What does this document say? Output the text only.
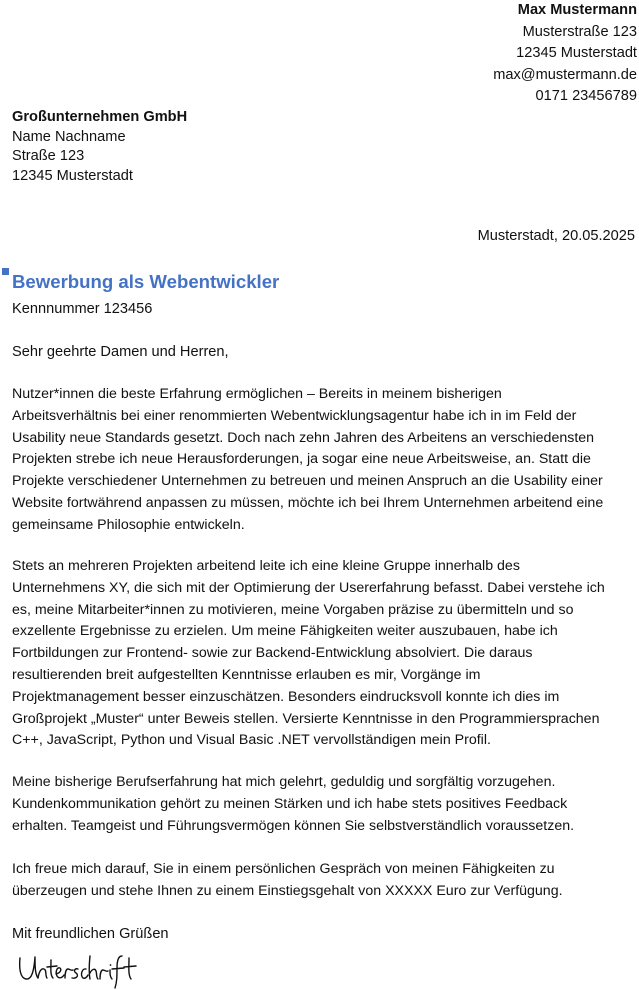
Max Mustermann
Musterstraße 123
12345 Musterstadt
max@mustermann.de
0171 23456789
Großunternehmen GmbH
Name Nachname
Straße 123
12345 Musterstadt
Musterstadt, 20.05.2025
Bewerbung als Webentwickler
Kennnummer 123456
Sehr geehrte Damen und Herren,
Nutzer*innen die beste Erfahrung ermöglichen – Bereits in meinem bisherigen
Arbeitsverhältnis bei einer renommierten Webentwicklungsagentur habe ich in im Feld der
Usability neue Standards gesetzt. Doch nach zehn Jahren des Arbeitens an verschiedensten
Projekten strebe ich neue Herausforderungen, ja sogar eine neue Arbeitsweise, an. Statt die
Projekte verschiedener Unternehmen zu betreuen und meinen Anspruch an die Usability einer
Website fortwährend anpassen zu müssen, möchte ich bei Ihrem Unternehmen arbeitend eine
gemeinsame Philosophie entwickeln.
Stets an mehreren Projekten arbeitend leite ich eine kleine Gruppe innerhalb des
Unternehmens XY, die sich mit der Optimierung der Usererfahrung befasst. Dabei verstehe ich
es, meine Mitarbeiter*innen zu motivieren, meine Vorgaben präzise zu übermitteln und so
exzellente Ergebnisse zu erzielen. Um meine Fähigkeiten weiter auszubauen, habe ich
Fortbildungen zur Frontend- sowie zur Backend-Entwicklung absolviert. Die daraus
resultierenden breit aufgestellten Kenntnisse erlauben es mir, Vorgänge im
Projektmanagement besser einzuschätzen. Besonders eindrucksvoll konnte ich dies im
Großprojekt „Muster“ unter Beweis stellen. Versierte Kenntnisse in den Programmiersprachen
C++, JavaScript, Python und Visual Basic .NET vervollständigen mein Profil.
Meine bisherige Berufserfahrung hat mich gelehrt, geduldig und sorgfältig vorzugehen.
Kundenkommunikation gehört zu meinen Stärken und ich habe stets positives Feedback
erhalten. Teamgeist und Führungsvermögen können Sie selbstverständlich voraussetzen.
Ich freue mich darauf, Sie in einem persönlichen Gespräch von meinen Fähigkeiten zu
überzeugen und stehe Ihnen zu einem Einstiegsgehalt von XXXXX Euro zur Verfügung.
Mit freundlichen Grüßen
